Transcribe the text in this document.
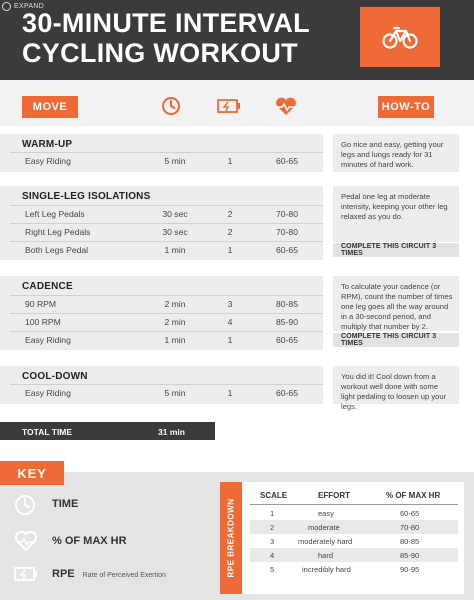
EXPAND
30-MINUTE INTERVAL
CYCLING WORKOUT
MOVE	HOW-TO
WARM-UP
Easy Riding	5 min	1	60-65
Go nice and easy, getting your legs and lungs ready for 31 minutes of hard work.
SINGLE-LEG ISOLATIONS
Left Leg Pedals	30 sec	2	70-80
Right Leg Pedals	30 sec	2	70-80
Both Legs Pedal	1 min	1	60-65
Pedal one leg at moderate intensity, keeping your other leg relaxed as you do.
COMPLETE THIS CIRCUIT 3 TIMES
CADENCE
90 RPM	2 min	3	80-85
100 RPM	2 min	4	85-90
Easy Riding	1 min	1	60-65
To calculate your cadence (or RPM), count the number of times one leg goes all the way around in a 30-second period, and multiply that number by 2.
COMPLETE THIS CIRCUIT 3 TIMES
COOL-DOWN
Easy Riding	5 min	1	60-65
You did it! Cool down from a workout well done with some light pedaling to loosen up your legs.
TOTAL TIME	31 min
KEY
TIME
% OF MAX HR
RPE Rate of Perceived Exertion	RPE BREAKDOWN
SCALE	EFFORT	% OF MAX HR
1	easy	60-65
2	moderate	70-80
3	moderately hard	80-85
4	hard	85-90
5	incredibly hard	90-95
